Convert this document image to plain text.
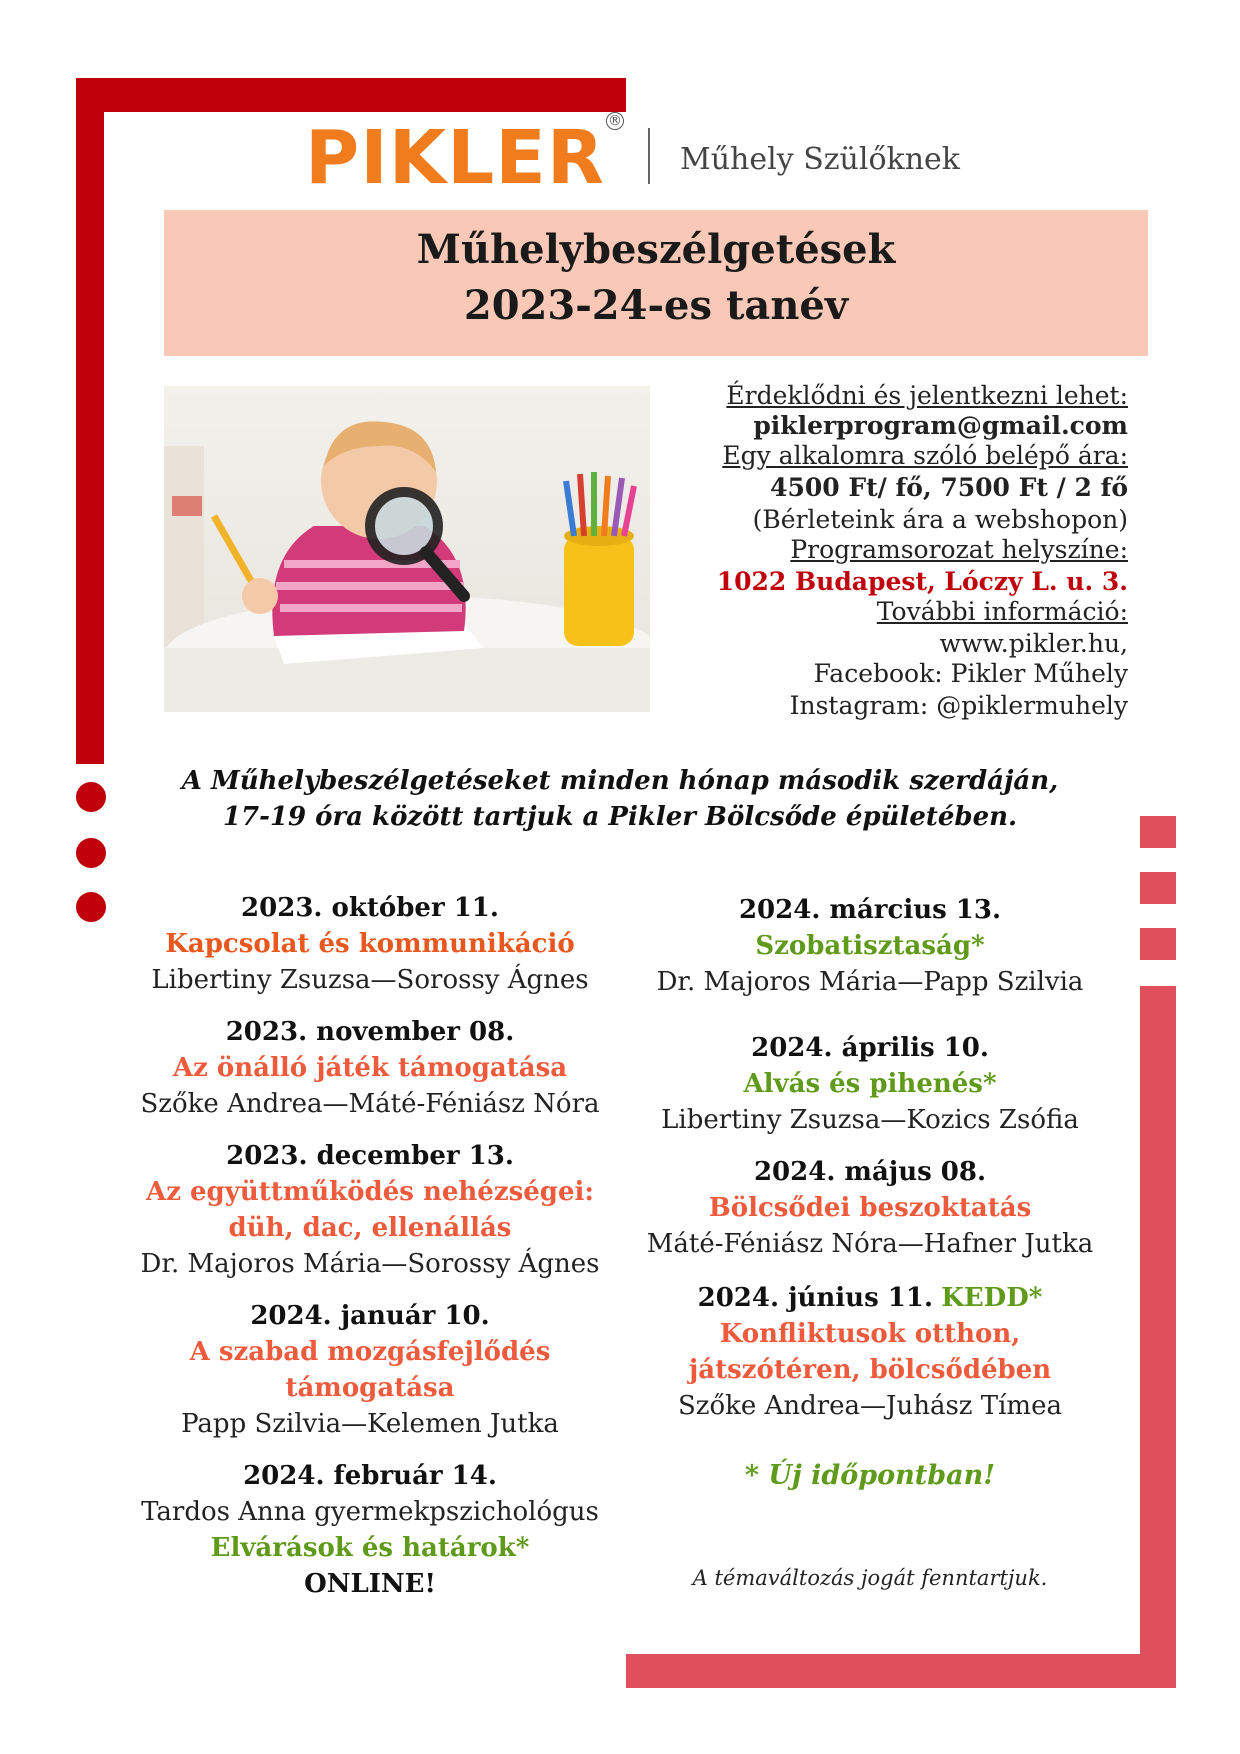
PIKLER ®
Műhely Szülőknek
Műhelybeszélgetések
2023-24-es tanév
Érdeklődni és jelentkezni lehet:
piklerprogram@gmail.com
Egy alkalomra szóló belépő ára:
4500 Ft/ fő, 7500 Ft / 2 fő
(Bérleteink ára a webshopon)
Programsorozat helyszíne:
1022 Budapest, Lóczy L. u. 3.
További információ:
www.pikler.hu,
Facebook: Pikler Műhely
Instagram: @piklermuhely
A Műhelybeszélgetéseket minden hónap második szerdáján,
17-19 óra között tartjuk a Pikler Bölcsőde épületében.
2023. október 11.
Kapcsolat és kommunikáció
Libertiny Zsuzsa—Sorossy Ágnes
2023. november 08.
Az önálló játék támogatása
Szőke Andrea—Máté-Féniász Nóra
2023. december 13.
Az együttműködés nehézségei:
düh, dac, ellenállás
Dr. Majoros Mária—Sorossy Ágnes
2024. január 10.
A szabad mozgásfejlődés
támogatása
Papp Szilvia—Kelemen Jutka
2024. február 14.
Tardos Anna gyermekpszichológus
Elvárások és határok*
ONLINE!
2024. március 13.
Szobatisztaság*
Dr. Majoros Mária—Papp Szilvia
2024. április 10.
Alvás és pihenés*
Libertiny Zsuzsa—Kozics Zsófia
2024. május 08.
Bölcsődei beszoktatás
Máté-Féniász Nóra—Hafner Jutka
2024. június 11. KEDD*
Konfliktusok otthon,
játszótéren, bölcsődében
Szőke Andrea—Juhász Tímea
* Új időpontban!
A témaváltozás jogát fenntartjuk.
